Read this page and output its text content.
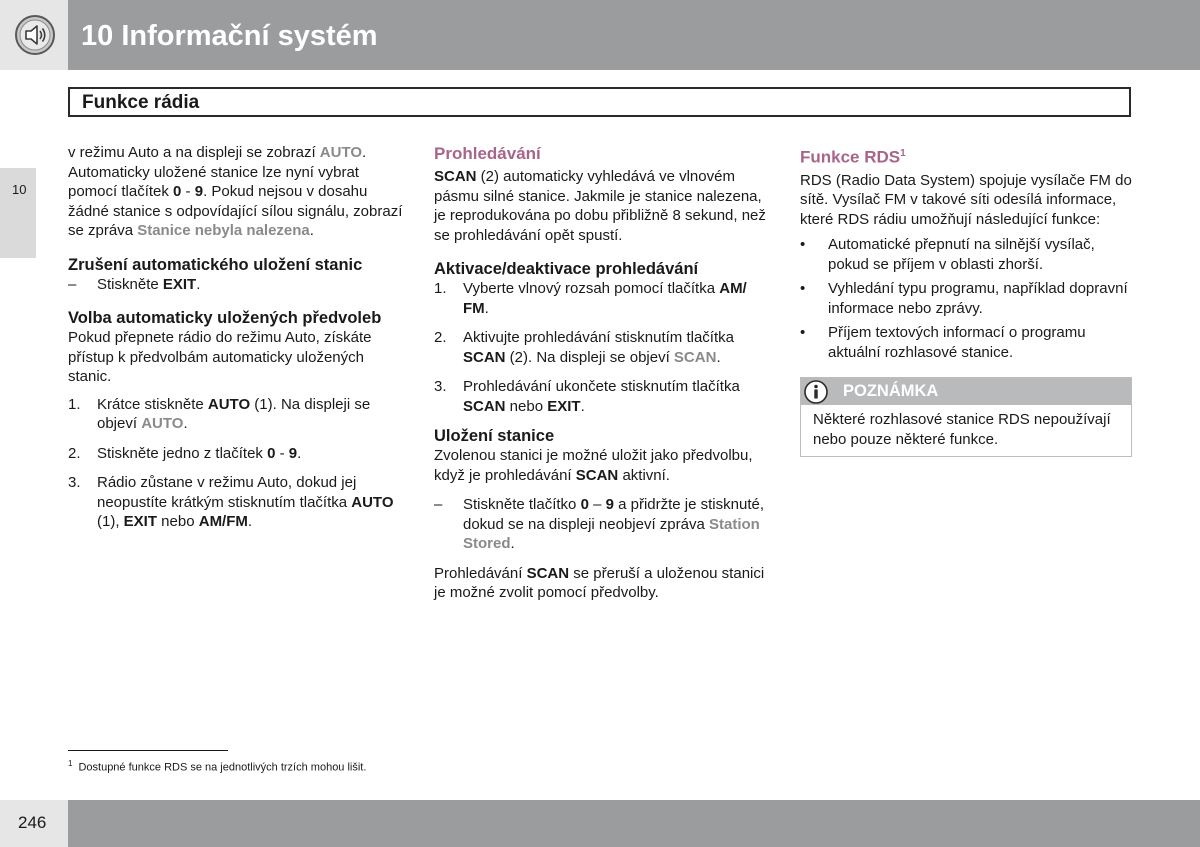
10 Informační systém
Funkce rádia
10

v režimu Auto a na displeji se zobrazí AUTO. Automaticky uložené stanice lze nyní vybrat pomocí tlačítek 0 - 9. Pokud nejsou v dosahu žádné stanice s odpovídající sílou signálu, zobrazí se zpráva Stanice nebyla nalezena.

Zrušení automatického uložení stanic
– Stiskněte EXIT.
Volba automaticky uložených předvoleb

Pokud přepnete rádio do režimu Auto, získáte přístup k předvolbám automaticky uložených stanic.

1. Krátce stiskněte AUTO (1). Na displeji se objeví AUTO.
2. Stiskněte jedno z tlačítek 0 - 9.
3. Rádio zůstane v režimu Auto, dokud jej neopustíte krátkým stisknutím tlačítka AUTO (1), EXIT nebo AM/FM.
Prohledávání

SCAN (2) automaticky vyhledává ve vlnovém pásmu silné stanice. Jakmile je stanice nalezena, je reprodukována po dobu přibližně 8 sekund, než se prohledávání opět spustí.

Aktivace/deaktivace prohledávání
1. Vyberte vlnový rozsah pomocí tlačítka AM/ FM.
2. Aktivujte prohledávání stisknutím tlačítka SCAN (2). Na displeji se objeví SCAN.
3. Prohledávání ukončete stisknutím tlačítka SCAN nebo EXIT.
Uložení stanice

Zvolenou stanici je možné uložit jako předvolbu, když je prohledávání SCAN aktivní.

– Stiskněte tlačítko 0 – 9 a přidržte je stisknuté, dokud se na displeji neobjeví zpráva Station Stored.

Prohledávání SCAN se přeruší a uloženou stanici je možné zvolit pomocí předvolby.

Funkce RDS$^1$

RDS (Radio Data System) spojuje vysílače FM do sítě. Vysílač FM v takové síti odesílá informace, které RDS rádiu umožňují následující funkce:

• Automatické přepnutí na silnější vysílač, pokud se příjem v oblasti zhorší.
• Vyhledání typu programu, například dopravní informace nebo zprávy.
• Příjem textových informací o programu aktuální rozhlasové stanice.
POZNÁMKA
Některé rozhlasové stanice RDS nepoužívají nebo pouze některé funkce.
$^1$ Dostupné funkce RDS se na jednotlivých trzích mohou lišit.
246
